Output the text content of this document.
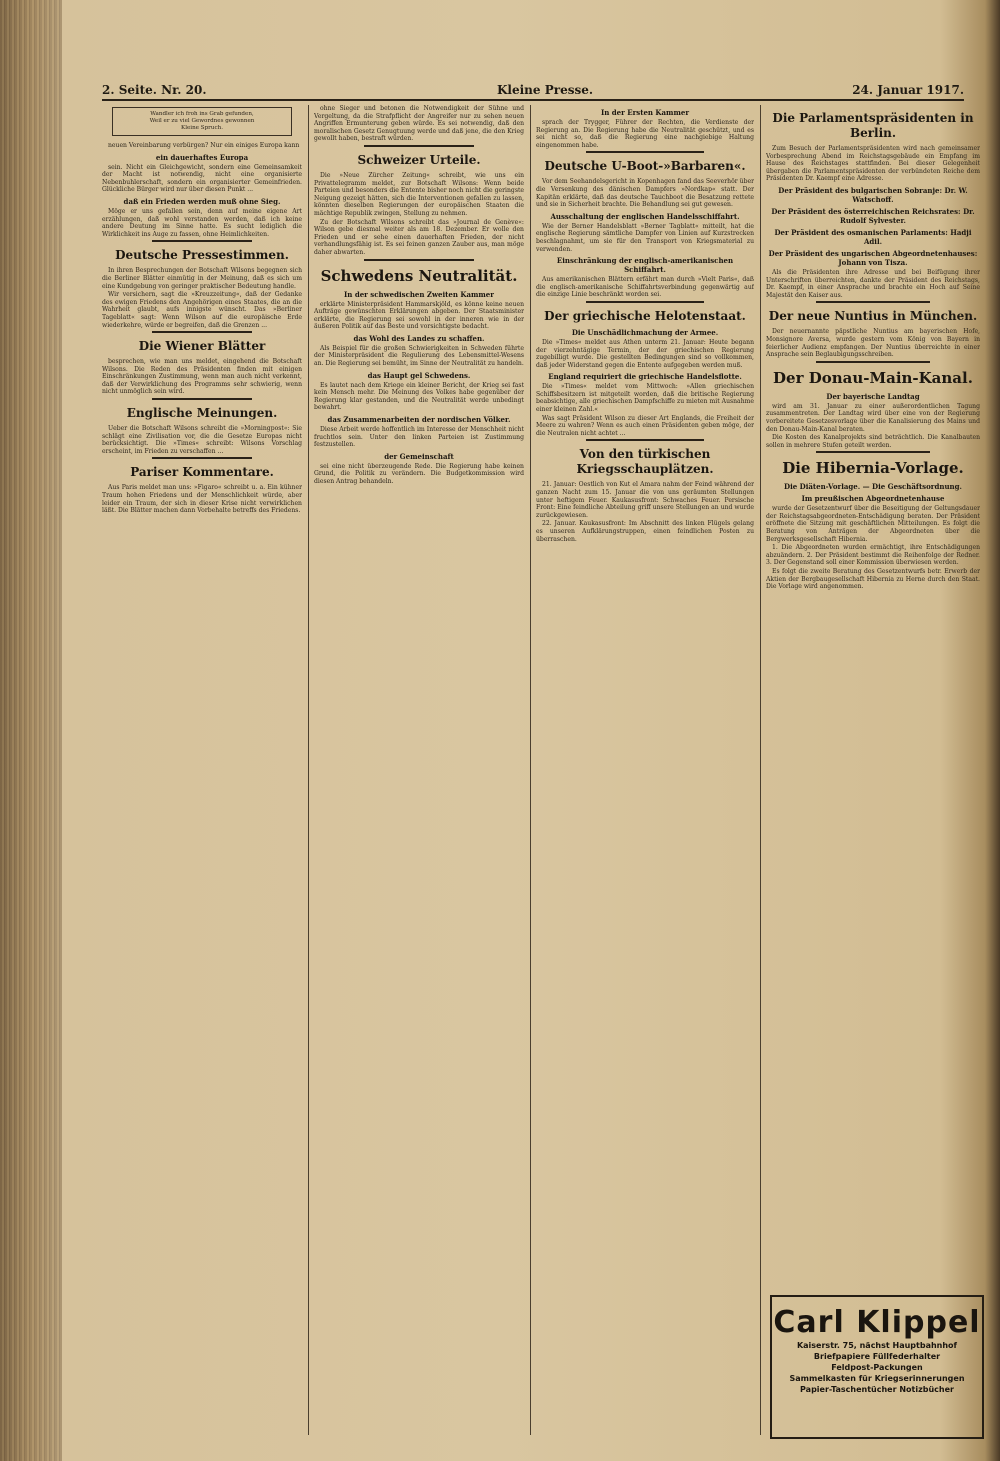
2. Seite. Nr. 20.	Kleine Presse.	24. Januar 1917.
Wandler ich froh ins Grab gefunden,
Weil er zu viel Gewordnes gewonnen
Kleine Spruch.

neuen Vereinbarung verbürgen? Nur ein einiges Europa kann

ein dauerhaftes Europa

sein. Nicht ein Gleichgewicht, sondern eine Gemeinsamkeit der Macht ist notwendig, nicht eine organisierte Nebenbuhlerschaft, sondern ein organisierter Gemeinfrieden. Glückliche Bürger wird nur über diesen Punkt ...

daß ein Frieden werden muß ohne Sieg.

Möge er uns gefallen sein, denn auf meine eigene Art erzählungen, daß wohl verstanden werden, daß ich keine andere Deutung im Sinne hatte. Es sucht lediglich die Wirklichkeit ins Auge zu fassen, ohne Heimlichkeiten.

Deutsche Pressestimmen.

In ihren Besprechungen der Botschaft Wilsons begegnen sich die Berliner Blätter einmütig in der Meinung, daß es sich um eine Kundgebung von geringer praktischer Bedeutung handle.

Wir versichern, sagt die »Kreuzzeitung«, daß der Gedanke des ewigen Friedens den Angehörigen eines Staates, die an die Wahrheit glaubt, aufs innigste wünscht. Das »Berliner Tageblatt« sagt: Wenn Wilson auf die europäische Erde wiederkehre, würde er begreifen, daß die Grenzen ...

Die Wiener Blätter

besprechen, wie man uns meldet, eingehend die Botschaft Wilsons. Die Reden des Präsidenten finden mit einigen Einschränkungen Zustimmung, wenn man auch nicht verkennt, daß der Verwirklichung des Programms sehr schwierig, wenn nicht unmöglich sein wird.

Englische Meinungen.

Ueber die Botschaft Wilsons schreibt die »Morningpost«: Sie schlägt eine Zivilisation vor, die die Gesetze Europas nicht berücksichtigt. Die »Times« schreibt: Wilsons Vorschlag erscheint, im Frieden zu verschaffen ...

Pariser Kommentare.

Aus Paris meldet man uns: »Figaro« schreibt u. a. Ein kühner Traum hohen Friedens und der Menschlichkeit würde, aber leider ein Traum, der sich in dieser Krise nicht verwirklichen läßt. Die Blätter machen dann Vorbehalte betreffs des Friedens.

ohne Sieger und betonen die Notwendigkeit der Sühne und Vergeltung, da die Strafpflicht der Angreifer nur zu sehen neuen Angriffen Ermunterung geben würde. Es sei notwendig, daß den moralischen Gesetz Genugtuung werde und daß jene, die den Krieg gewollt haben, bestraft würden.

Schweizer Urteile.

Die »Neue Zürcher Zeitung« schreibt, wie uns ein Privattelegramm meldet, zur Botschaft Wilsons: Wenn beide Parteien und besonders die Entente bisher noch nicht die geringste Neigung gezeigt hätten, sich die Interventionen gefallen zu lassen, könnten dieselben Regierungen der europäischen Staaten die mächtige Republik zwingen, Stellung zu nehmen.

Zu der Botschaft Wilsons schreibt das »Journal de Genève«: Wilson gebe diesmal weiter als am 18. Dezember. Er wolle den Frieden und er sehe einen dauerhaften Frieden, der nicht verhandlungsfähig ist. Es sei feinen ganzen Zauber aus, man möge daher abwarten.

Schwedens Neutralität.
In der schwedischen Zweiten Kammer

erklärte Ministerpräsident Hammarskjöld, es könne keine neuen Aufträge gewünschten Erklärungen abgeben. Der Staatsminister erklärte, die Regierung sei sowohl in der inneren wie in der äußeren Politik auf das Beste und vorsichtigste bedacht.

das Wohl des Landes zu schaffen.

Als Beispiel für die großen Schwierigkeiten in Schweden führte der Ministerpräsident die Regulierung des Lebensmittel-Wesens an. Die Regierung sei bemüht, im Sinne der Neutralität zu handeln.

das Haupt gel Schwedens.

Es lautet nach dem Kriege ein kleiner Bericht, der Krieg sei fast kein Mensch mehr. Die Meinung des Volkes habe gegenüber der Regierung klar gestanden, und die Neutralität werde unbedingt bewahrt.

das Zusammenarbeiten der nordischen Völker.

Diese Arbeit werde hoffentlich im Interesse der Menschheit nicht fruchtlos sein. Unter den linken Parteien ist Zustimmung festzustellen.

der Gemeinschaft

sei eine nicht überzeugende Rede. Die Regierung habe keinen Grund, die Politik zu verändern. Die Budgetkommission wird diesen Antrag behandeln.

In der Ersten Kammer

sprach der Trygger, Führer der Rechten, die Verdienste der Regierung an. Die Regierung habe die Neutralität geschützt, und es sei nicht so, daß die Regierung eine nachgiebige Haltung eingenommen habe.

Deutsche U-Boot-»Barbaren«.

Vor dem Seehandelsgericht in Kopenhagen fand das Seeverhör über die Versenkung des dänischen Dampfers »Nordkap« statt. Der Kapitän erklärte, daß das deutsche Tauchboot die Besatzung rettete und sie in Sicherheit brachte. Die Behandlung sei gut gewesen.

Ausschaltung der englischen Handelsschiffahrt.

Wie der Berner Handelsblatt »Berner Tagblatt« mitteilt, hat die englische Regierung sämtliche Dampfer von Linien auf Kurzstrecken beschlagnahmt, um sie für den Transport von Kriegsmaterial zu verwenden.

Einschränkung der englisch-amerikanischen Schiffahrt.

Aus amerikanischen Blättern erfährt man durch »Vielt Paris«, daß die englisch-amerikanische Schiffahrtsverbindung gegenwärtig auf die einzige Linie beschränkt worden sei.

Der griechische Helotenstaat.
Die Unschädlichmachung der Armee.

Die »Times« meldet aus Athen unterm 21. Januar: Heute begann der vierzehntägige Termin, der der griechischen Regierung zugebilligt wurde. Die gestellten Bedingungen sind so vollkommen, daß jeder Widerstand gegen die Entente aufgegeben werden muß.

England requiriert die griechische Handelsflotte.

Die »Times« meldet vom Mittwoch: »Allen griechischen Schiffsbesitzern ist mitgeteilt worden, daß die britische Regierung beabsichtige, alle griechischen Dampfschiffe zu mieten mit Ausnahme einer kleinen Zahl.«

Was sagt Präsident Wilson zu dieser Art Englands, die Freiheit der Meere zu wahren? Wenn es auch einen Präsidenten geben möge, der die Neutralen nicht achtet ...

Von den türkischen Kriegsschauplätzen.

21. Januar: Oestlich von Kut el Amara nahm der Feind während der ganzen Nacht zum 15. Januar die von uns geräumten Stellungen unter heftigem Feuer. Kaukasusfront: Schwaches Feuer. Persische Front: Eine feindliche Abteilung griff unsere Stellungen an und wurde zurückgewiesen.

22. Januar. Kaukasusfront: Im Abschnitt des linken Flügels gelang es unseren Aufklärungstruppen, einen feindlichen Posten zu überraschen.

Die Parlamentspräsidenten in Berlin.

Zum Besuch der Parlamentspräsidenten wird nach gemeinsamer Vorbesprechung Abend im Reichstagsgebäude ein Empfang im Hause des Reichstages stattfinden. Bei dieser Gelegenheit übergaben die Parlamentspräsidenten der verbündeten Reiche dem Präsidenten Dr. Kaempf eine Adresse.

Der Präsident des bulgarischen Sobranje: Dr. W. Watschoff.
Der Präsident des österreichischen Reichsrates: Dr. Rudolf Sylvester.
Der Präsident des osmanischen Parlaments: Hadji Adil.
Der Präsident des ungarischen Abgeordnetenhauses: Johann von Tisza.

Als die Präsidenten ihre Adresse und bei Beifügung ihrer Unterschriften überreichten, dankte der Präsident des Reichstags, Dr. Kaempf, in einer Ansprache und brachte ein Hoch auf Seine Majestät den Kaiser aus.

Der neue Nuntius in München.

Der neuernannte päpstliche Nuntius am bayerischen Hofe, Monsignore Aversa, wurde gestern vom König von Bayern in feierlicher Audienz empfangen. Der Nuntius überreichte in einer Ansprache sein Beglaubigungsschreiben.

Der Donau-Main-Kanal.
Der bayerische Landtag

wird am 31. Januar zu einer außerordentlichen Tagung zusammentreten. Der Landtag wird über eine von der Regierung vorbereitete Gesetzesvorlage über die Kanalisierung des Mains und den Donau-Main-Kanal beraten.

Die Kosten des Kanalprojekts sind beträchtlich. Die Kanalbauten sollen in mehrere Stufen geteilt werden.

Die Hibernia-Vorlage.
Die Diäten-Vorlage. — Die Geschäftsordnung.
Im preußischen Abgeordnetenhause

wurde der Gesetzentwurf über die Beseitigung der Geltungsdauer der Reichstagsabgeordneten-Entschädigung beraten. Der Präsident eröffnete die Sitzung mit geschäftlichen Mitteilungen. Es folgt die Beratung von Anträgen der Abgeordneten über die Bergwerksgesellschaft Hibernia.

1. Die Abgeordneten wurden ermächtigt, ihre Entschädigungen abzuändern. 2. Der Präsident bestimmt die Reihenfolge der Redner. 3. Der Gegenstand soll einer Kommission überwiesen werden.

Es folgt die zweite Beratung des Gesetzentwurfs betr. Erwerb der Aktien der Bergbaugesellschaft Hibernia zu Herne durch den Staat. Die Vorlage wird angenommen.

Carl Klippel
Kaiserstr. 75, nächst Hauptbahnhof
Briefpapiere Füllfederhalter
Feldpost-Packungen
Sammelkasten für Kriegserinnerungen
Papier-Taschentücher Notizbücher
